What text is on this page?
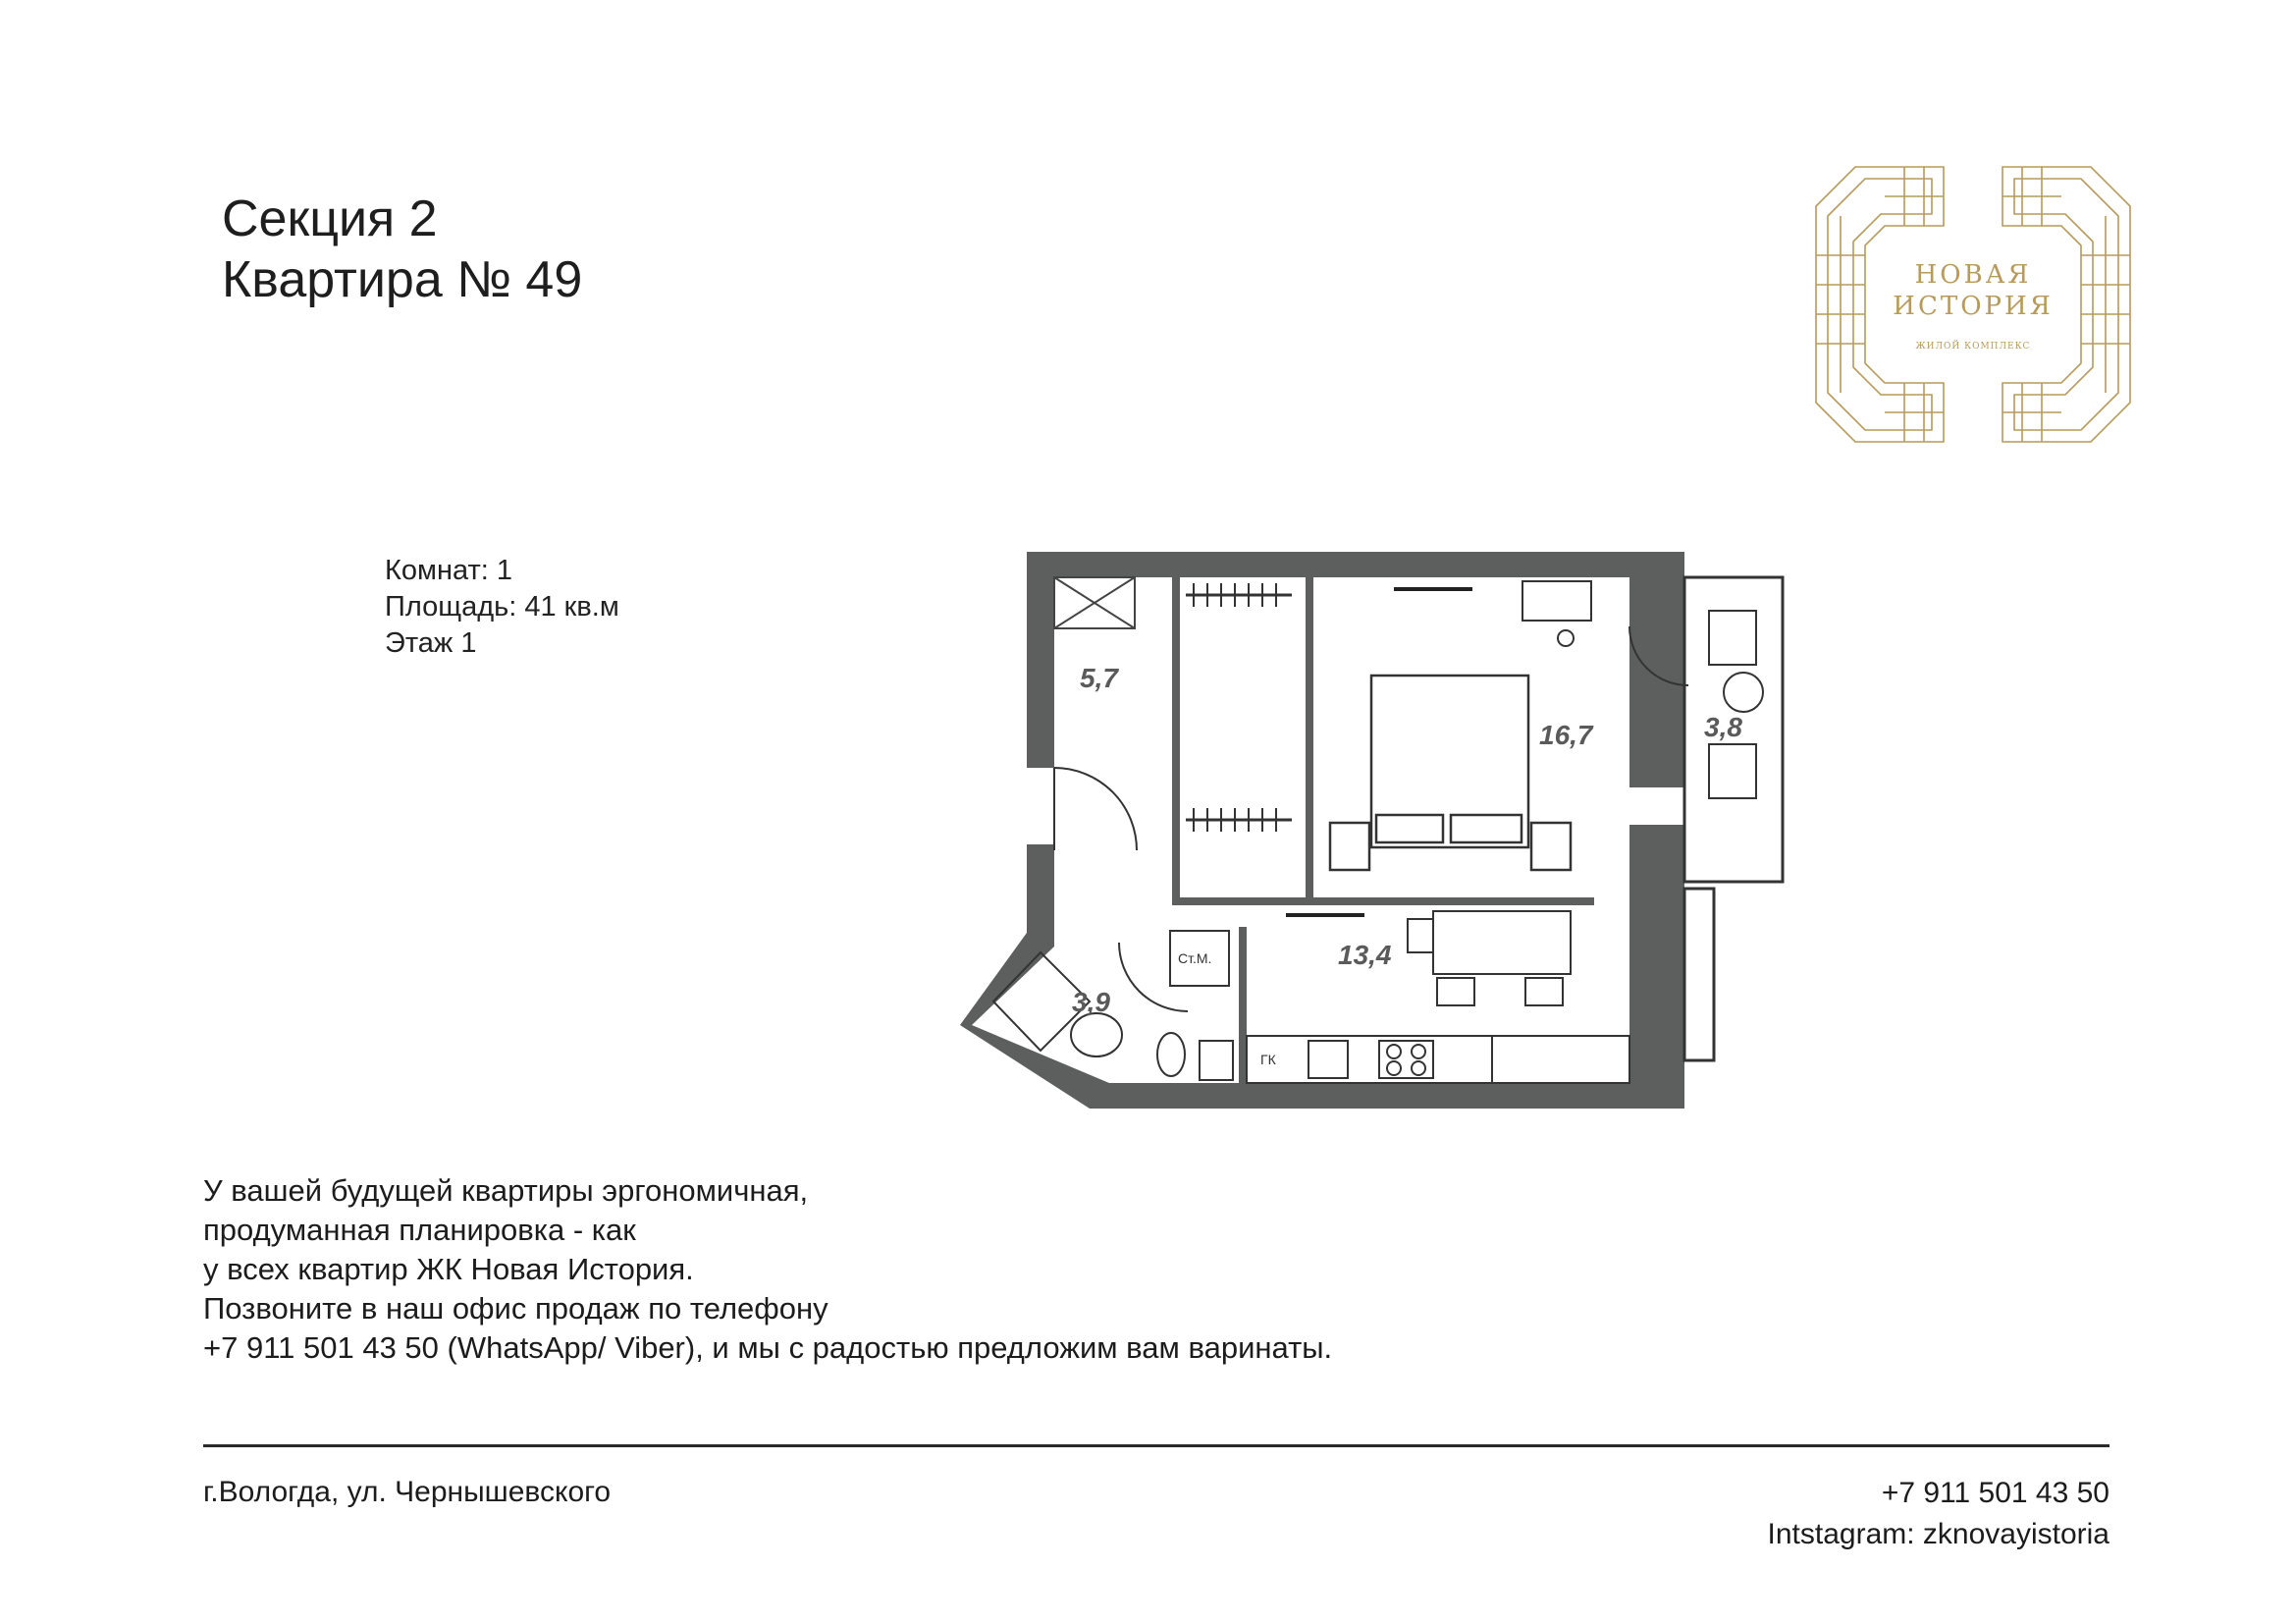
Секция 2
Квартира № 49
Комнат: 1
Площадь: 41 кв.м
Этаж 1
НОВАЯ
ИСТОРИЯ
ЖИЛОЙ КОМПЛЕКС
5,7
16,7	3,8
13,4
3,9
Ст.М.
ГК
У вашей будущей квартиры эргономичная,
продуманная планировка - как
у всех квартир ЖК Новая История.
Позвоните в наш офис продаж по телефону
+7 911 501 43 50 (WhatsApp/ Viber), и мы с радостью предложим вам варинаты.
г.Вологда, ул. Чернышевского	+7 911 501 43 50
Intstagram: zknovayistoria
